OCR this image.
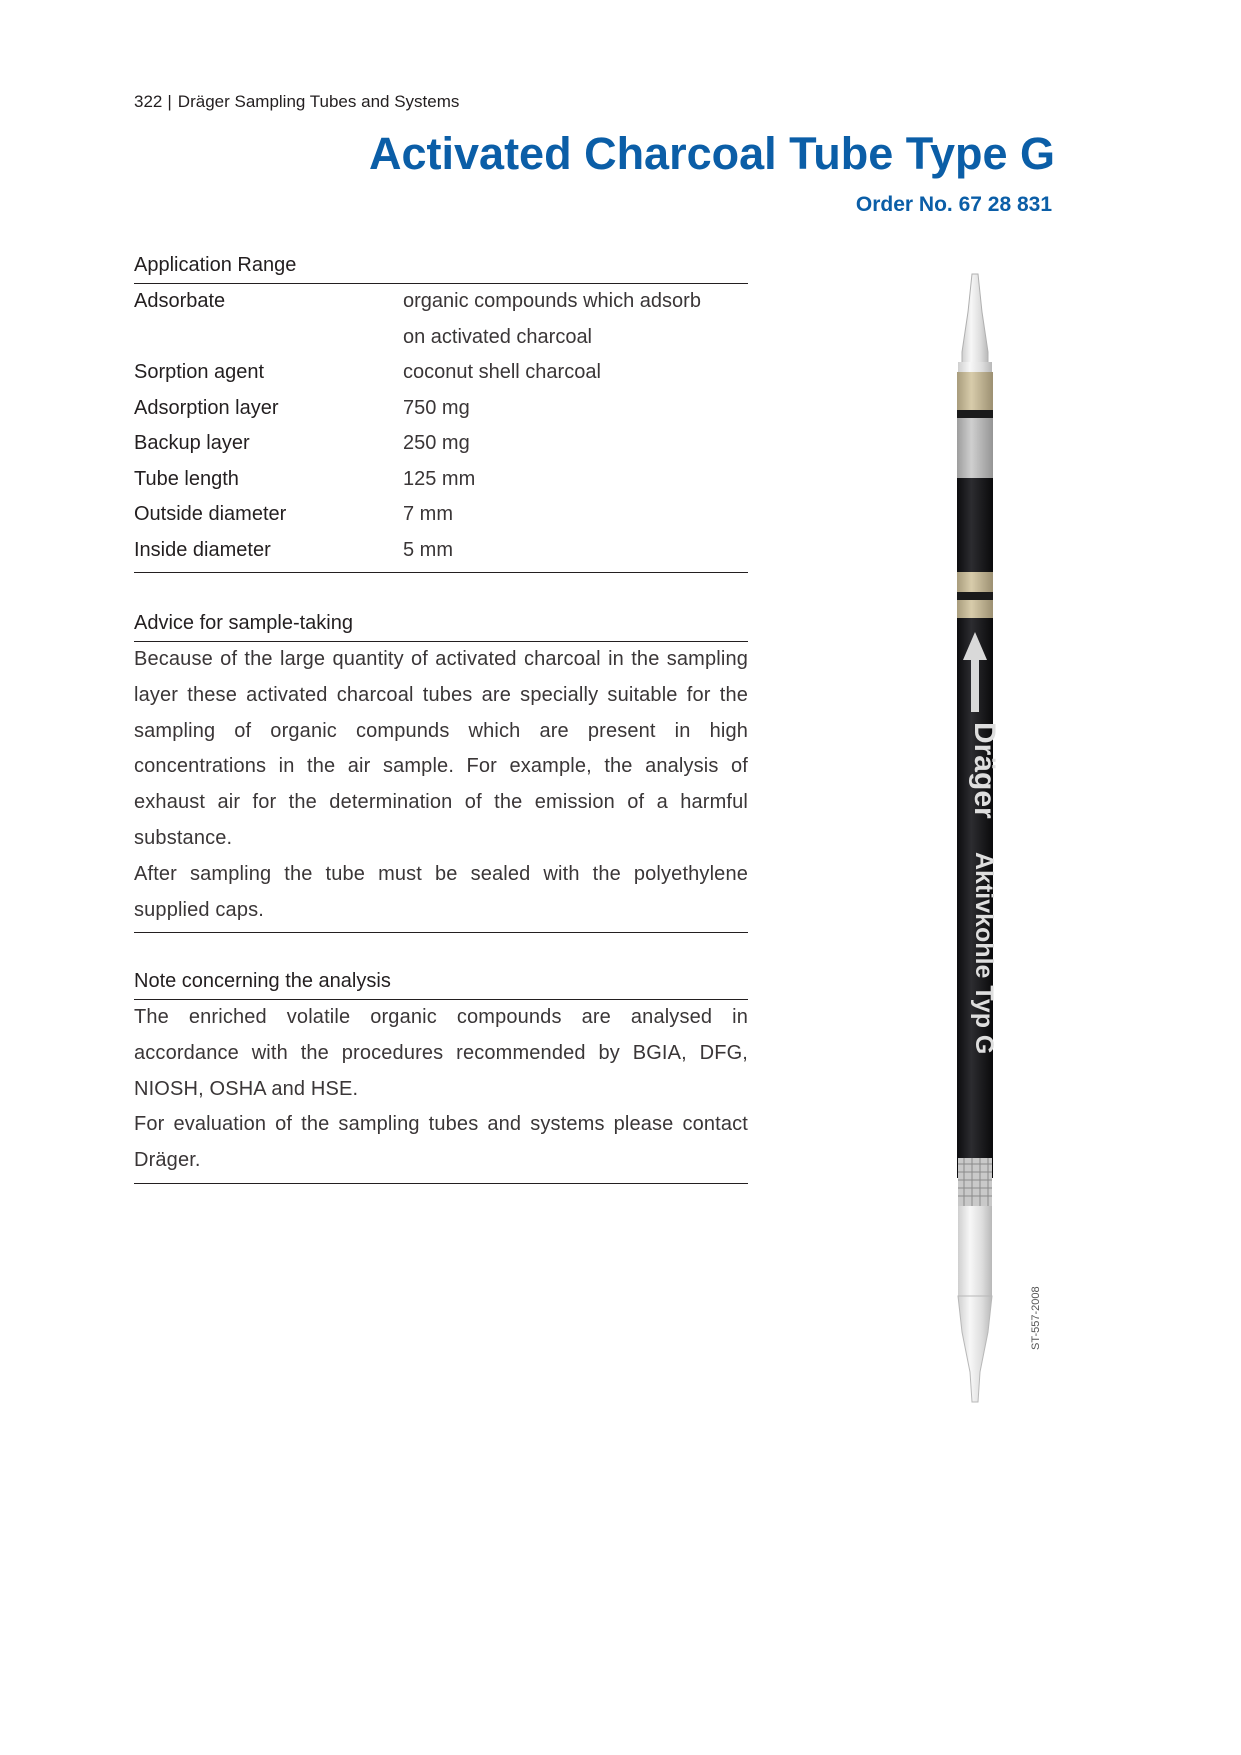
322 | Dräger Sampling Tubes and Systems
Activated Charcoal Tube Type G
Order No. 67 28 831
Application Range
Adsorbate	organic compounds which adsorb
on activated charcoal
Sorption agent	coconut shell charcoal
Adsorption layer	750 mg
Backup layer	250 mg
Tube length	125 mm
Outside diameter	7 mm
Inside diameter	5 mm
Advice for sample-taking

Because of the large quantity of activated charcoal in the sampling layer these activated charcoal tubes are specially suitable for the sampling of organic compunds which are present in high concentrations in the air sample. For example, the analysis of exhaust air for the determination of the emission of a harmful substance.

After sampling the tube must be sealed with the polyethylene supplied caps.

Note concerning the analysis

The enriched volatile organic compounds are analysed in accordance with the procedures recommended by BGIA, DFG, NIOSH, OSHA and HSE.

For evaluation of the sampling tubes and systems please contact Dräger.

Dräger
Aktivkohle Typ G
ST-557-2008
